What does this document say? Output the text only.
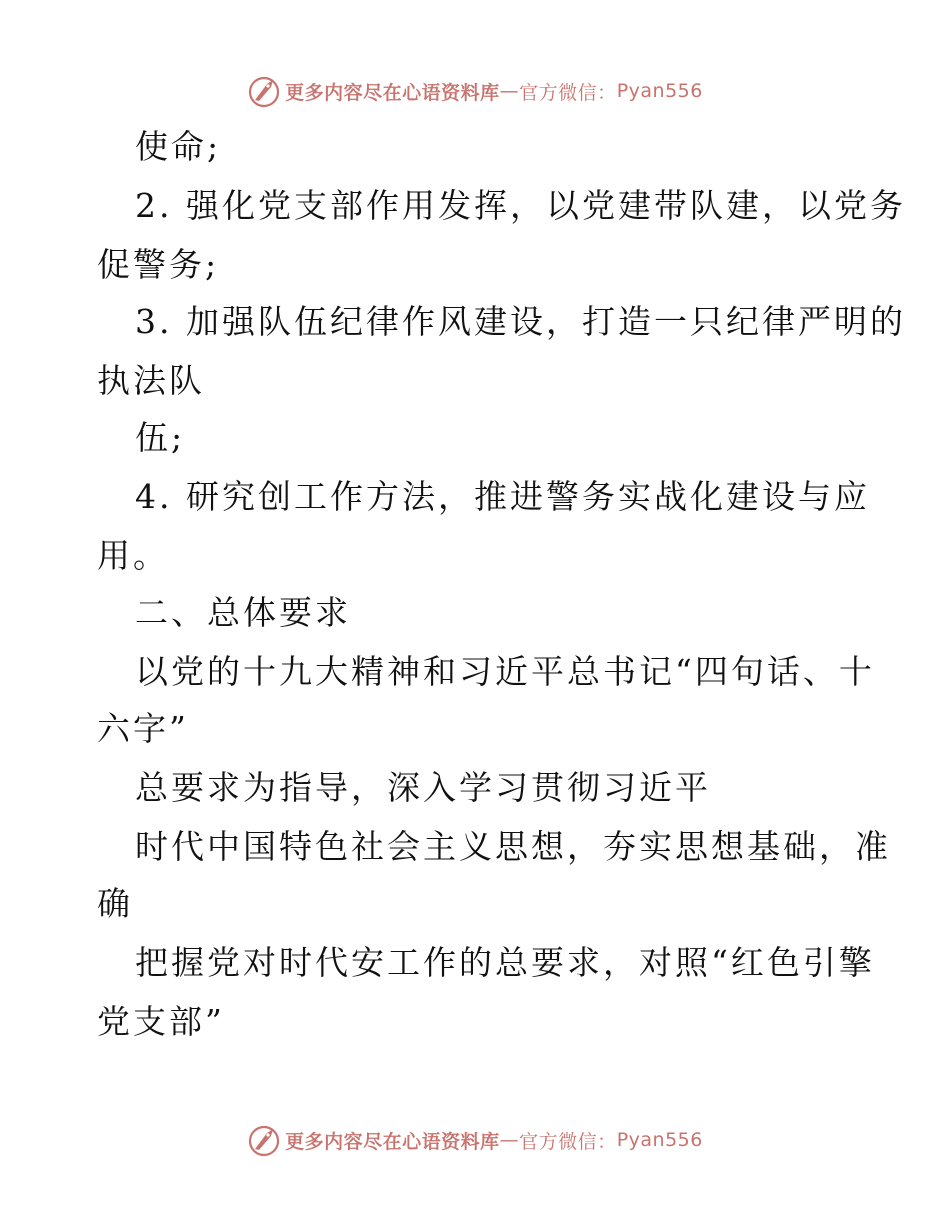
更多内容尽在心语资料库 — 官方微信： Pyan556
使命;
2. 强化党支部作用发挥，以党建带队建，以党务
促警务;
3. 加强队伍纪律作风建设，打造一只纪律严明的
执法队
伍;
4. 研究创工作方法，推进警务实战化建设与应
用。
二、总体要求
以党的十九大精神和习近平总书记“四句话、十
六字”
总要求为指导，深入学习贯彻习近平
时代中国特色社会主义思想，夯实思想基础，准
确
把握党对时代安工作的总要求，对照“红色引擎
党支部”
更多内容尽在心语资料库 — 官方微信： Pyan556
